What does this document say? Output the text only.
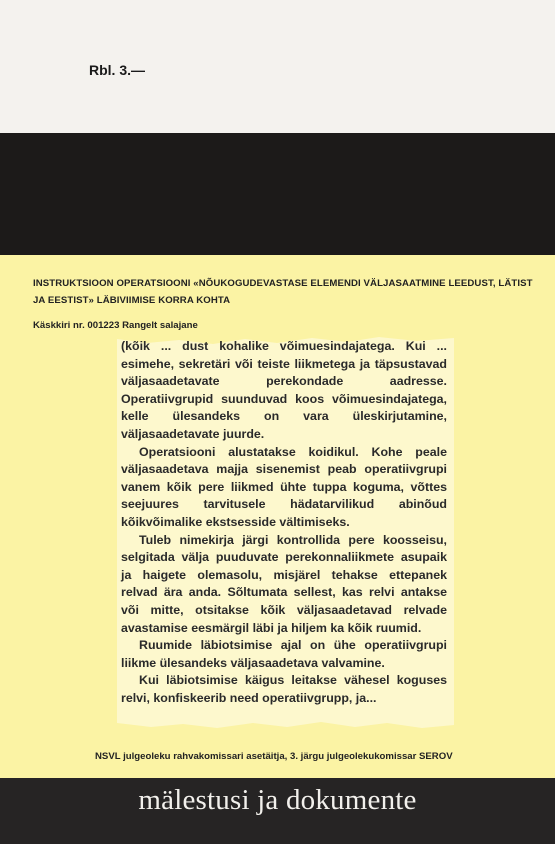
Rbl. 3.—
INSTRUKTSIOON OPERATSIOONI «NÕUKOGUDEVASTASE ELEMENDI VÄLJASAATMINE LEEDUST, LÄTIST
JA EESTIST» LÄBIVIIMISE KORRA KOHTA
Käskkiri nr. 001223 Rangelt salajane

(kõik ... dust kohalike võimuesindajatega. Kui ... esimehe, sekretäri või teiste liikmetega ja täpsustavad väljasaadetavate perekondade aadresse. Operatiivgrupid suunduvad koos võimuesindajatega, kelle ülesandeks on vara üleskirjutamine, väljasaadetavate juurde.

Operatsiooni alustatakse koidikul. Kohe peale väljasaadetava majja sisenemist peab operatiivgrupi vanem kõik pere liikmed ühte tuppa koguma, võttes seejuures tarvitusele hädatarvilikud abinõud kõikvõimalike ekstsesside vältimiseks.

Tuleb nimekirja järgi kontrollida pere koosseisu, selgitada välja puuduvate perekonnaliikmete asupaik ja haigete olemasolu, misjärel tehakse ettepanek relvad ära anda. Sõltumata sellest, kas relvi antakse või mitte, otsitakse kõik väljasaadetavad relvade avastamise eesmärgil läbi ja hiljem ka kõik ruumid.

Ruumide läbiotsimise ajal on ühe operatiivgrupi liikme ülesandeks väljasaadetava valvamine.

Kui läbiotsimise käigus leitakse vähesel koguses relvi, konfiskeerib need operatiivgrupp, ja...

NSVL julgeoleku rahvakomissari asetäitja, 3. järgu julgeolekukomissar SEROV
mälestusi ja dokumente
